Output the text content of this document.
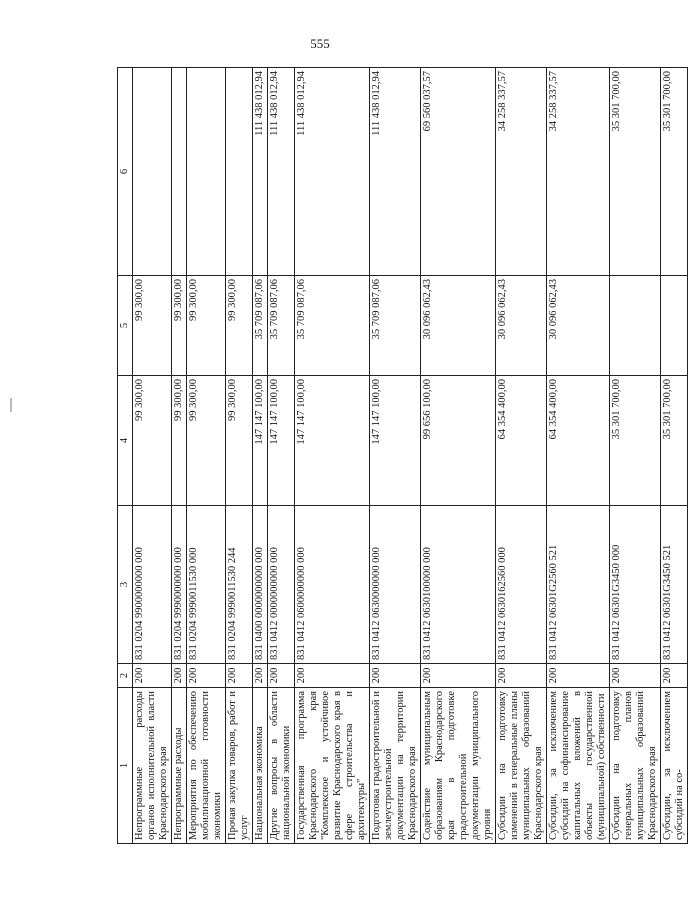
555
1	2	3	4	5	6
Непрограммные расходы органов исполнительной власти Краснодарского края	200	831 0204 9900000000 000	99 300,00	99 300,00	
Непрограммные расходы	200	831 0204 9990000000 000	99 300,00	99 300,00	
Мероприятия по обеспечению мобилизационной готовности экономики	200	831 0204 9990011530 000	99 300,00	99 300,00	
Прочая закупка товаров, работ и услуг	200	831 0204 9990011530 244	99 300,00	99 300,00	
Национальная экономика	200	831 0400 0000000000 000	147 147 100,00	35 709 087,06	111 438 012,94
Другие вопросы в области национальной экономики	200	831 0412 0000000000 000	147 147 100,00	35 709 087,06	111 438 012,94
Государственная программа Краснодарского края "Комплексное и устойчивое развитие Краснодарского края в сфере строительства и архитектуры"	200	831 0412 0600000000 000	147 147 100,00	35 709 087,06	111 438 012,94
Подготовка градостроительной и землеустроительной документации на территории Краснодарского края	200	831 0412 0630000000 000	147 147 100,00	35 709 087,06	111 438 012,94
Содействие муниципальным образованиям Краснодарского края в подготовке градостроительной документации муниципального уровня	200	831 0412 0630100000 000	99 656 100,00	30 096 062,43	69 560 037,57
Субсидии на подготовку изменений в генеральные планы муниципальных образований Краснодарского края	200	831 0412 0630162560 000	64 354 400,00	30 096 062,43	34 258 337,57
Субсидии, за исключением субсидий на софинансирование капитальных вложений в объекты государственной (муниципальной) собственности	200	831 0412 06301G2560 521	64 354 400,00	30 096 062,43	34 258 337,57
Субсидии на подготовку генеральных планов муниципальных образований Краснодарского края	200	831 0412 06301G3450 000	35 301 700,00		35 301 700,00
Субсидии, за исключением субсидий на со-	200	831 0412 06301G3450 521	35 301 700,00		35 301 700,00
